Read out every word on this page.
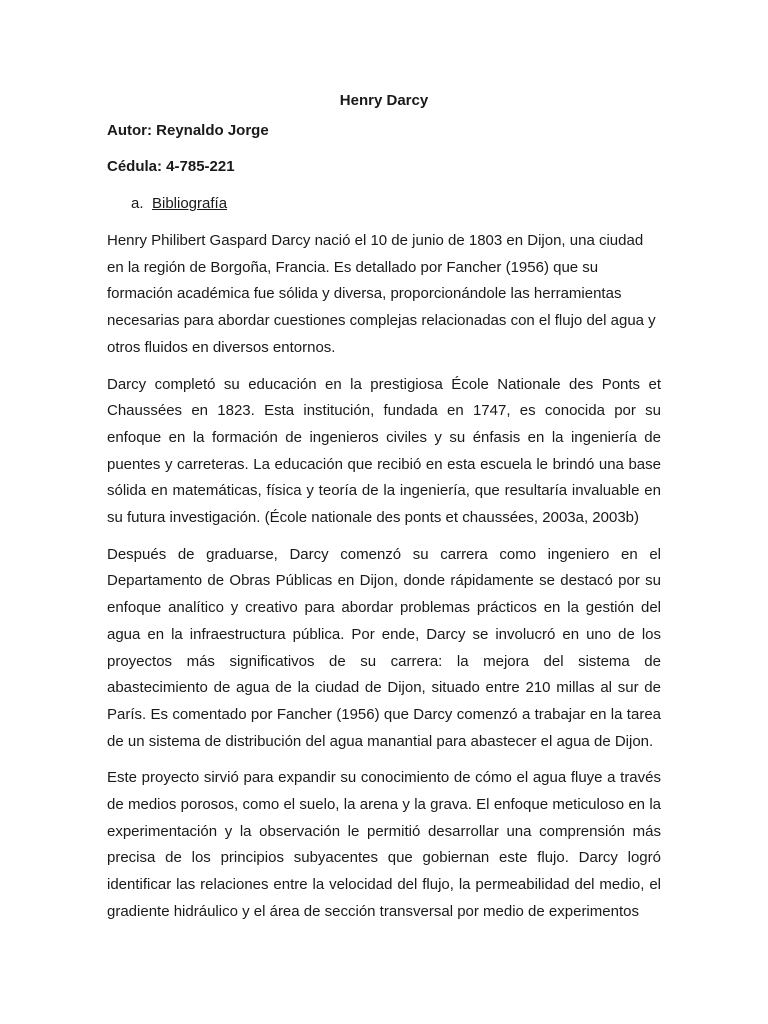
Henry Darcy

Autor: Reynaldo Jorge

Cédula: 4-785-221

a. Bibliografía

Henry Philibert Gaspard Darcy nació el 10 de junio de 1803 en Dijon, una ciudad en la región de Borgoña, Francia. Es detallado por Fancher (1956) que su formación académica fue sólida y diversa, proporcionándole las herramientas necesarias para abordar cuestiones complejas relacionadas con el flujo del agua y otros fluidos en diversos entornos.

Darcy completó su educación en la prestigiosa École Nationale des Ponts et Chaussées en 1823. Esta institución, fundada en 1747, es conocida por su enfoque en la formación de ingenieros civiles y su énfasis en la ingeniería de puentes y carreteras. La educación que recibió en esta escuela le brindó una base sólida en matemáticas, física y teoría de la ingeniería, que resultaría invaluable en su futura investigación. (École nationale des ponts et chaussées, 2003a, 2003b)

Después de graduarse, Darcy comenzó su carrera como ingeniero en el Departamento de Obras Públicas en Dijon, donde rápidamente se destacó por su enfoque analítico y creativo para abordar problemas prácticos en la gestión del agua en la infraestructura pública. Por ende, Darcy se involucró en uno de los proyectos más significativos de su carrera: la mejora del sistema de abastecimiento de agua de la ciudad de Dijon, situado entre 210 millas al sur de París. Es comentado por Fancher (1956) que Darcy comenzó a trabajar en la tarea de un sistema de distribución del agua manantial para abastecer el agua de Dijon.

Este proyecto sirvió para expandir su conocimiento de cómo el agua fluye a través de medios porosos, como el suelo, la arena y la grava. El enfoque meticuloso en la experimentación y la observación le permitió desarrollar una comprensión más precisa de los principios subyacentes que gobiernan este flujo. Darcy logró identificar las relaciones entre la velocidad del flujo, la permeabilidad del medio, el gradiente hidráulico y el área de sección transversal por medio de experimentos
